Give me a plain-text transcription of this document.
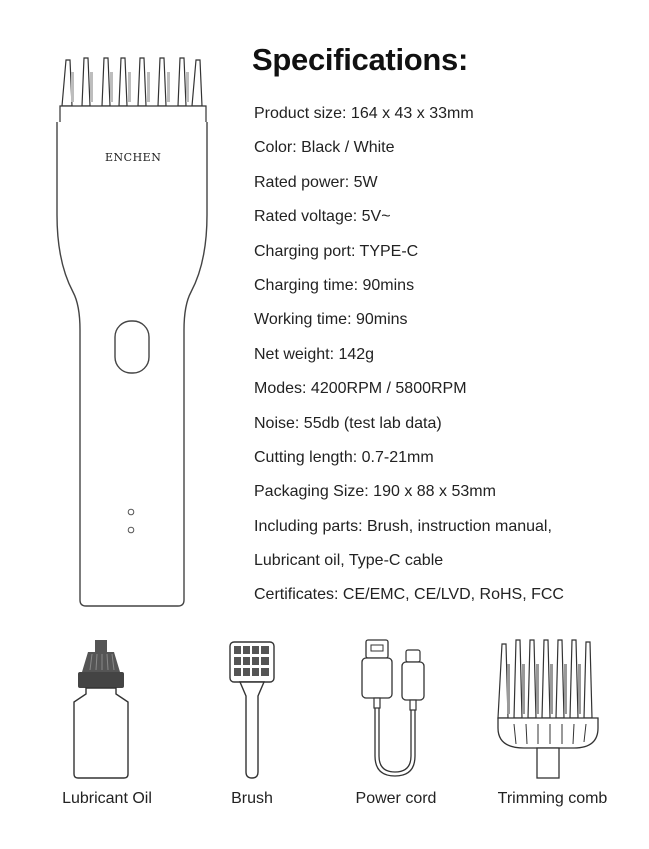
ENCHEN
Specifications:
Product size: 164 x 43 x 33mm
Color: Black / White
Rated power: 5W
Rated voltage: 5V~
Charging port: TYPE-C
Charging time: 90mins
Working time: 90mins
Net weight: 142g
Modes: 4200RPM / 5800RPM
Noise: 55db (test lab data)
Cutting length: 0.7-21mm
Packaging Size: 190 x 88 x 53mm
Including parts: Brush, instruction manual,
Lubricant oil, Type-C cable
Certificates: CE/EMC, CE/LVD, RoHS, FCC
Lubricant Oil	Brush	Power cord	Trimming comb
